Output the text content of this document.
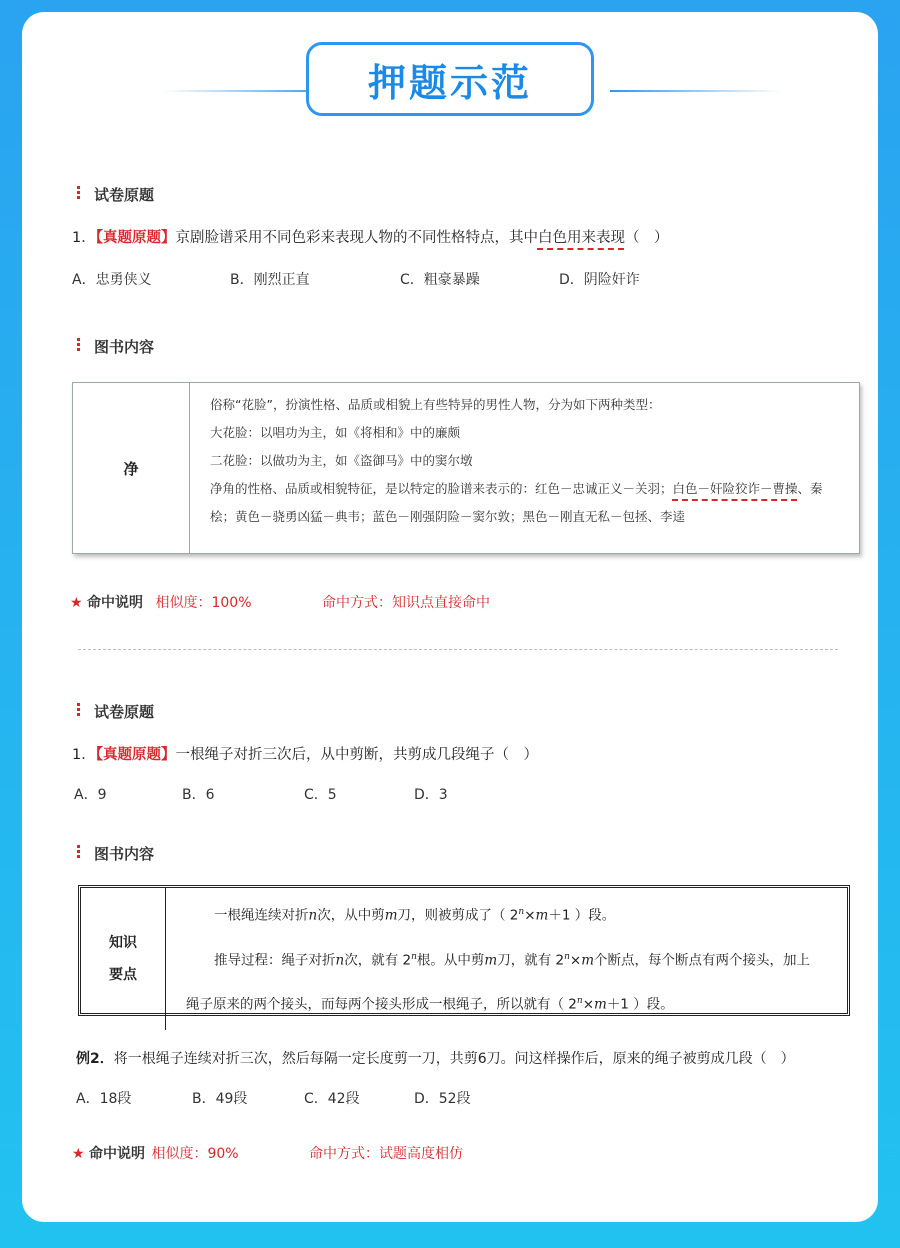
押题示范
试卷原题
1．【真题原题】京剧脸谱采用不同色彩来表现人物的不同性格特点，其中白色用来表现（　）
A．忠勇侠义	B．刚烈正直	C．粗豪暴躁	D．阴险奸诈
图书内容
净	
俗称“花脸”，扮演性格、品质或相貌上有些特异的男性人物，分为如下两种类型：
大花脸：以唱功为主，如《将相和》中的廉颇
二花脸：以做功为主，如《盗御马》中的窦尔墩
净角的性格、品质或相貌特征，是以特定的脸谱来表示的：红色－忠诚正义－关羽；白色－奸险狡诈－曹操、秦
桧；黄色－骁勇凶猛－典韦；蓝色－刚强阴险－窦尔敦；黑色－刚直无私－包拯、李逵
★ 命中说明 相似度：100%	命中方式：知识点直接命中
试卷原题
1．【真题原题】一根绳子对折三次后，从中剪断，共剪成几段绳子（　）
A．9	B．6	C．5	D．3
图书内容
知识
要点

一根绳连续对折n次，从中剪m刀，则被剪成了（ $2^n\times m+1$ ）段。
推导过程：绳子对折n次，就有 2$^n$根。从中剪m刀，就有 $2^n\times m$个断点，每个断点有两个接头，加上
绳子原来的两个接头，而每两个接头形成一根绳子，所以就有（ $2^n\times m+1$ ）段。
例2．将一根绳子连续对折三次，然后每隔一定长度剪一刀，共剪6刀。问这样操作后，原来的绳子被剪成几段（　）
A．18段	B．49段	C．42段	D．52段
★ 命中说明 相似度：90%	命中方式：试题高度相仿
